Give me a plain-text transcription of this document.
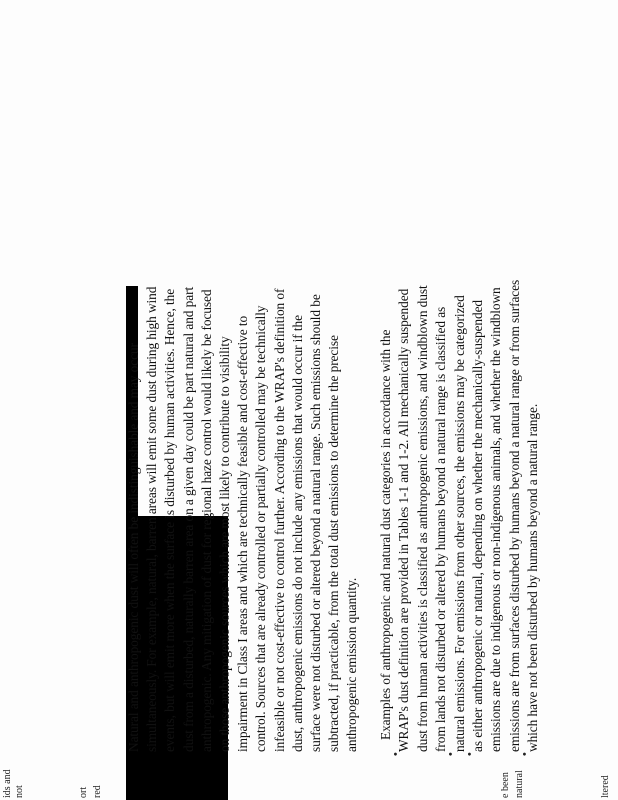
Natural and anthropogenic dust will often be indistinguishable and may occur simultaneously. For example, natural, barren areas will emit some dust during high wind events, but will emit more when the surface is disturbed by human activities. Hence, the dust from a disturbed, naturally barren area on a given day could be part natural and part anthropogenic. Any mitigation of dust for regional haze control would likely be focused on those anthropogenic sources which are most likely to contribute to visibility impairment in Class I areas and which are technically feasible and cost-effective to control. Sources that are already controlled or partially controlled may be technically infeasible or not cost-effective to control further. According to the WRAP's definition of dust, anthropogenic emissions do not include any emissions that would occur if the surface were not disturbed or altered beyond a natural range. Such emissions should be subtracted, if practicable, from the total dust emissions to determine the precise anthropogenic emission quantity. Examples of anthropogenic and natural dust categories in accordance with the
•
WRAP's dust definition are provided in Tables 1-1 and 1-2. All mechanically suspended dust from human activities is classified as anthropogenic emissions, and windblown dust from lands not disturbed or altered by humans beyond a natural range is classified as
•
natural emissions. For emissions from other sources, the emissions may be categorized
•
as either anthropogenic or natural, depending on whether the mechanically-suspended emissions are due to indigenous or non-indigenous animals, and whether the windblown emissions are from surfaces disturbed by humans beyond a natural range or from surfaces
•
which have not been disturbed by humans beyond a natural range.
ids and not	ort red	e been natural	ltered
